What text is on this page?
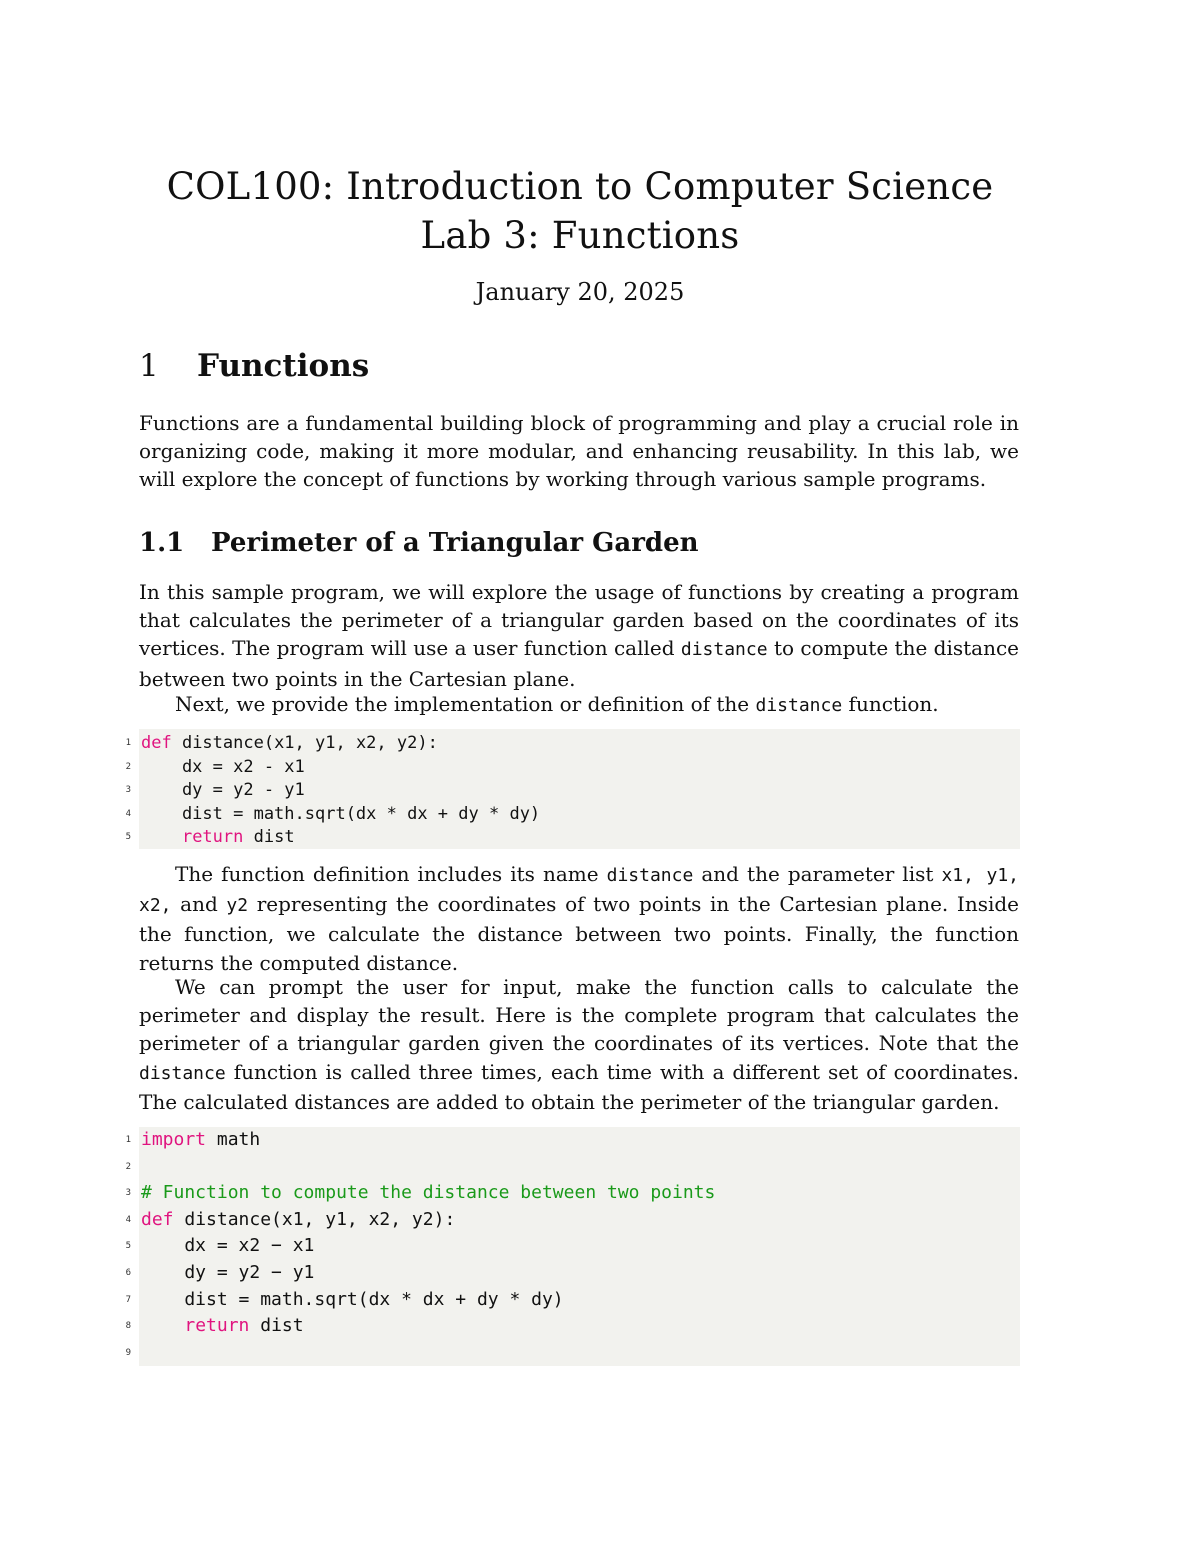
COL100: Introduction to Computer Science
Lab 3: Functions
January 20, 2025
1 Functions

Functions are a fundamental building block of programming and play a crucial role in organizing code, making it more modular, and enhancing reusability. In this lab, we will explore the concept of functions by working through various sample programs.

1.1 Perimeter of a Triangular Garden

In this sample program, we will explore the usage of functions by creating a program that calculates the perimeter of a triangular garden based on the coordinates of its vertices. The program will use a user function called distance to compute the distance between two points in the Cartesian plane.

Next, we provide the implementation or definition of the distance function.

1 def distance(x1, y1, x2, y2):
2 dx = x2 - x1
3 dy = y2 - y1
4 dist = math.sqrt(dx * dx + dy * dy)
5	return dist

The function definition includes its name distance and the parameter list x1, y1, x2, and y2 representing the coordinates of two points in the Cartesian plane. Inside the function, we calculate the distance between two points. Finally, the function returns the computed distance.

We can prompt the user for input, make the function calls to calculate the perimeter and display the result. Here is the complete program that calculates the perimeter of a triangular garden given the coordinates of its vertices. Note that the distance function is called three times, each time with a different set of coordinates. The calculated distances are added to obtain the perimeter of the triangular garden.

1 import math
2
3 # Function to compute the distance between two points
4 def distance(x1, y1, x2, y2):
5 dx = x2 − x1
6 dy = y2 − y1
7 dist = math.sqrt(dx * dx + dy * dy)
8	return dist
9
